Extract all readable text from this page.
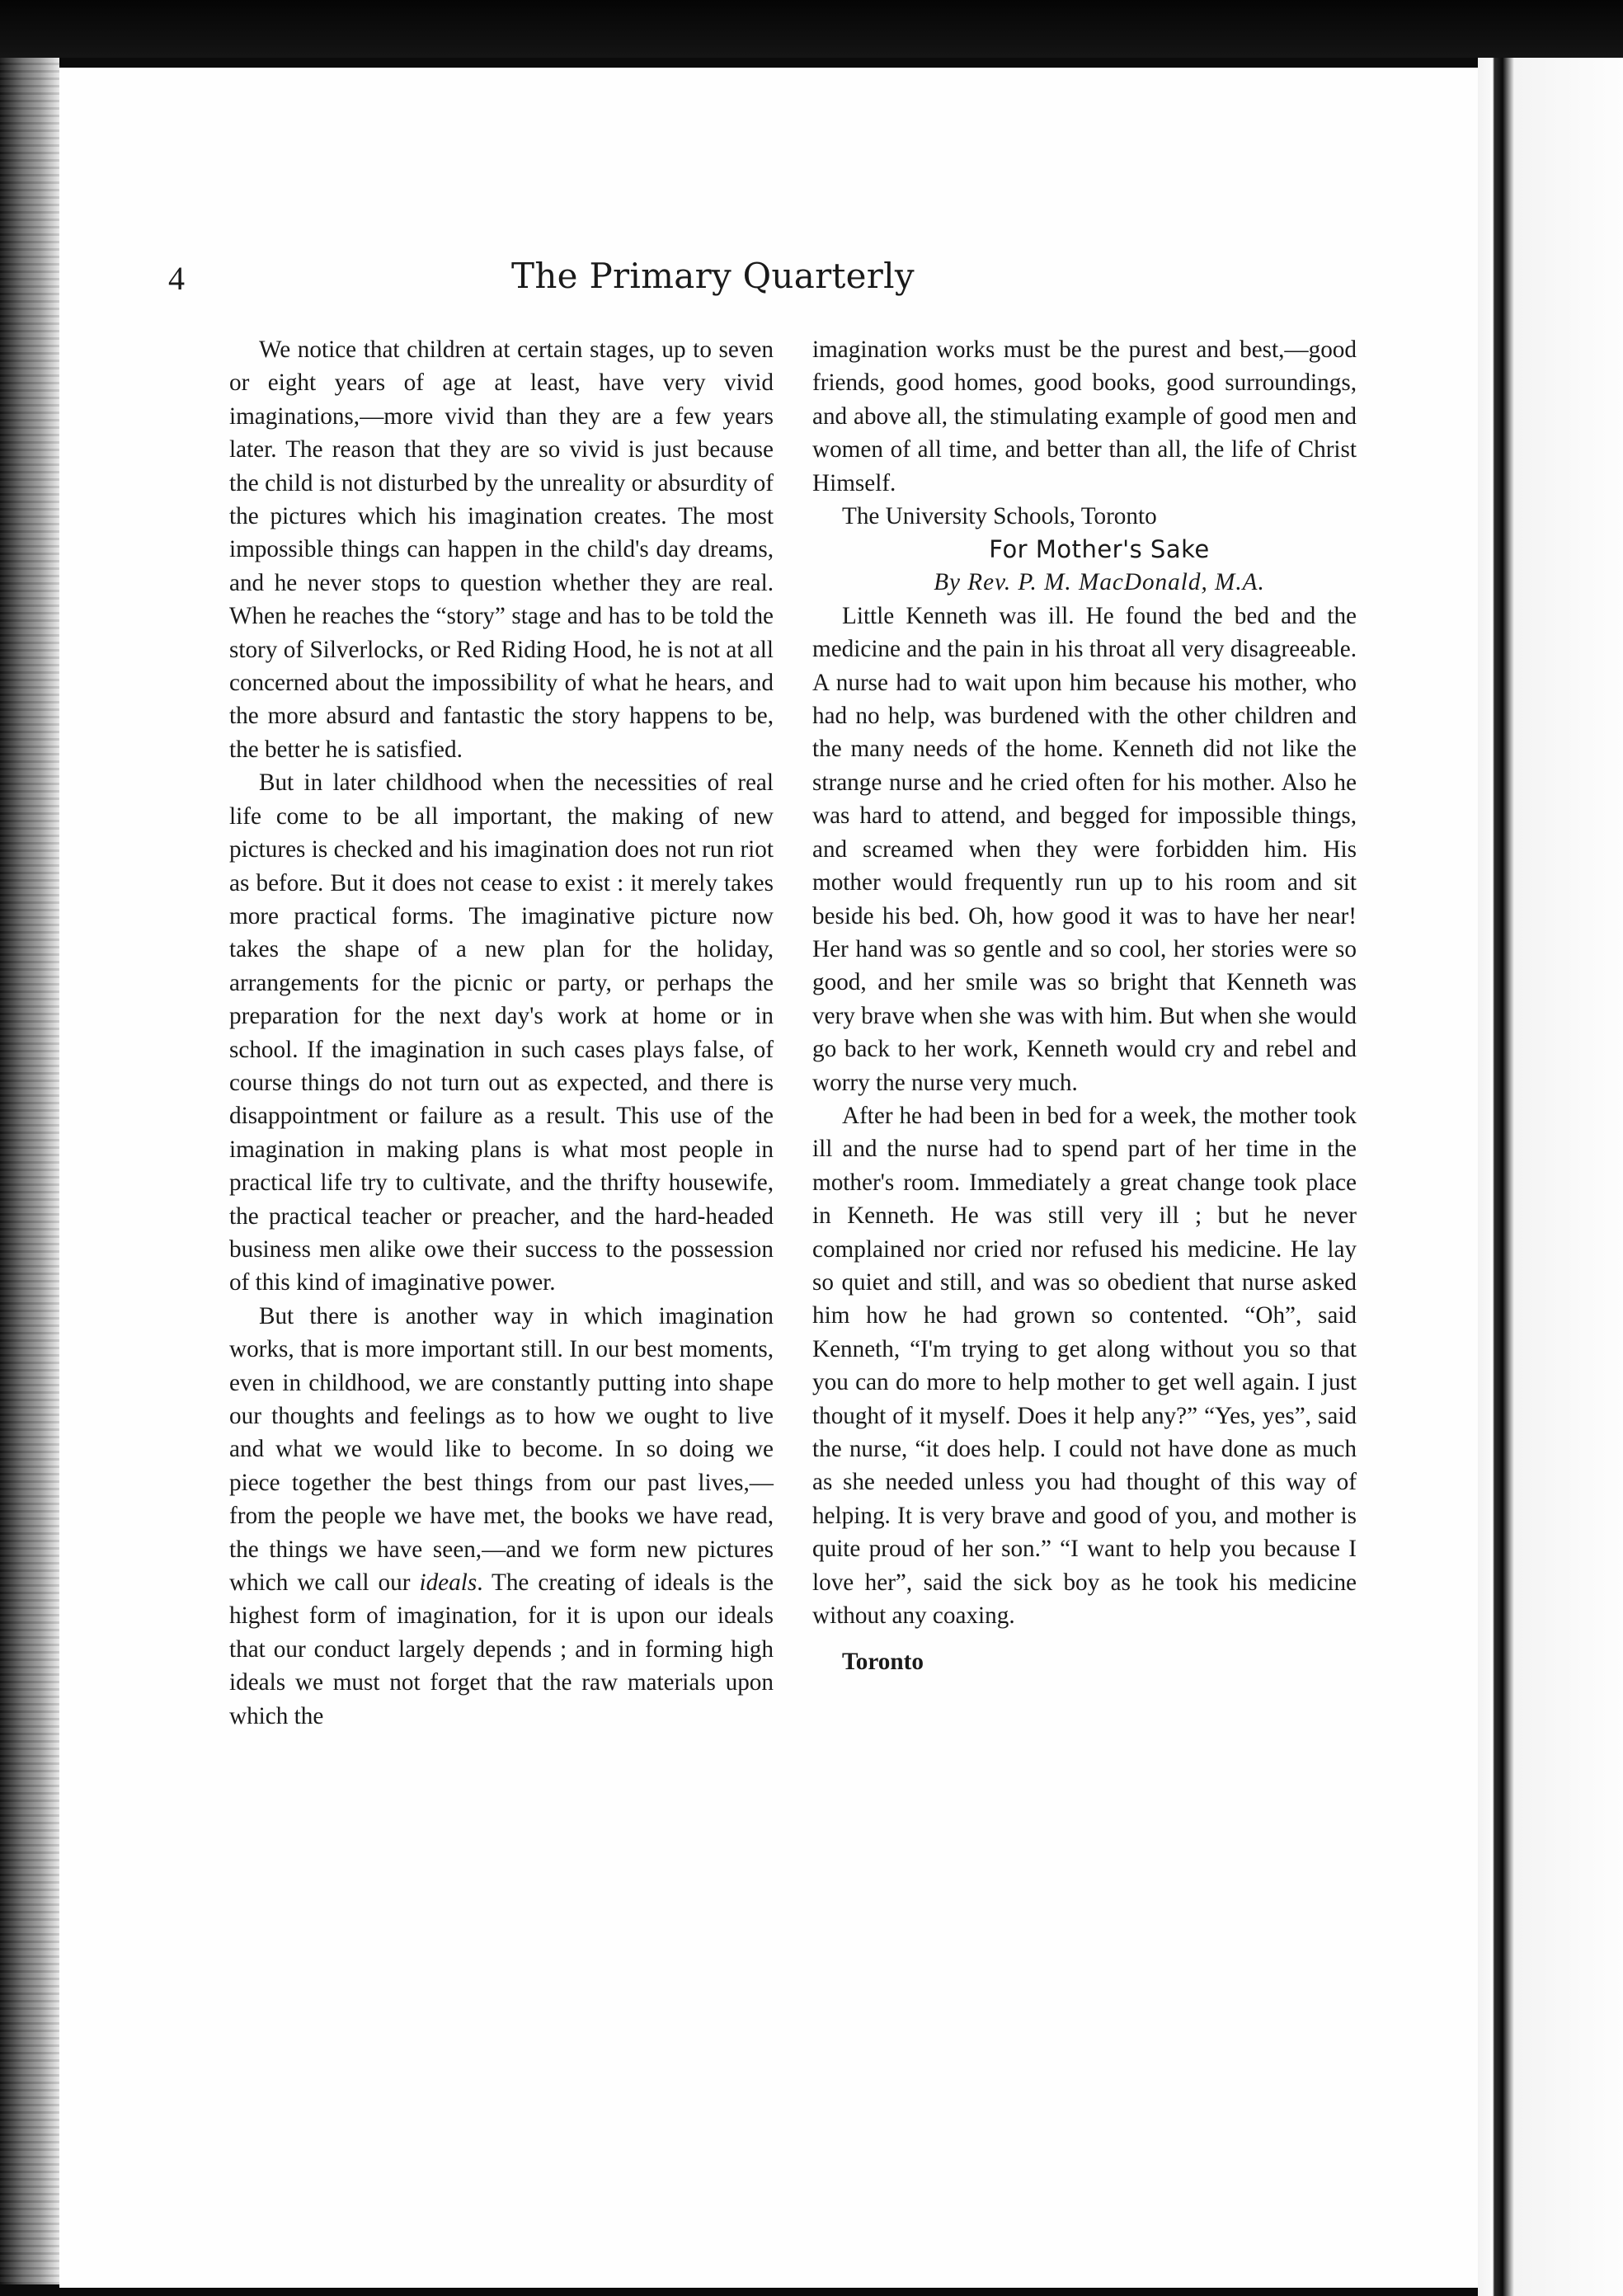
4	The Primary Quarterly

We notice that children at certain stages, up to seven or eight years of age at least, have very vivid imaginations,—more vivid than they are a few years later. The reason that they are so vivid is just because the child is not disturbed by the unreality or absurdity of the pictures which his imagination creates. The most impossible things can happen in the child's day dreams, and he never stops to question whether they are real. When he reaches the “story” stage and has to be told the story of Silverlocks, or Red Riding Hood, he is not at all concerned about the impossibility of what he hears, and the more absurd and fantastic the story happens to be, the better he is satisfied.

But in later childhood when the necessities of real life come to be all important, the making of new pictures is checked and his imagination does not run riot as before. But it does not cease to exist : it merely takes more practical forms. The imaginative picture now takes the shape of a new plan for the holiday, arrangements for the picnic or party, or perhaps the preparation for the next day's work at home or in school. If the imagination in such cases plays false, of course things do not turn out as expected, and there is disappointment or failure as a result. This use of the imagination in making plans is what most people in practical life try to cultivate, and the thrifty housewife, the practical teacher or preacher, and the hard-headed business men alike owe their success to the possession of this kind of imaginative power.

But there is another way in which imagination works, that is more important still. In our best moments, even in childhood, we are constantly putting into shape our thoughts and feelings as to how we ought to live and what we would like to become. In so doing we piece together the best things from our past lives,—from the people we have met, the books we have read, the things we have seen,—and we form new pictures which we call our ideals. The creating of ideals is the highest form of imagination, for it is upon our ideals that our conduct largely depends ; and in forming high ideals we must not forget that the raw materials upon which the

imagination works must be the purest and best,—good friends, good homes, good books, good surroundings, and above all, the stimulating example of good men and women of all time, and better than all, the life of Christ Himself.

The University Schools, Toronto

For Mother's Sake

By Rev. P. M. MacDonald, M.A.

Little Kenneth was ill. He found the bed and the medicine and the pain in his throat all very disagreeable. A nurse had to wait upon him because his mother, who had no help, was burdened with the other children and the many needs of the home. Kenneth did not like the strange nurse and he cried often for his mother. Also he was hard to attend, and begged for impossible things, and screamed when they were forbidden him. His mother would frequently run up to his room and sit beside his bed. Oh, how good it was to have her near! Her hand was so gentle and so cool, her stories were so good, and her smile was so bright that Kenneth was very brave when she was with him. But when she would go back to her work, Kenneth would cry and rebel and worry the nurse very much.

After he had been in bed for a week, the mother took ill and the nurse had to spend part of her time in the mother's room. Immediately a great change took place in Kenneth. He was still very ill ; but he never complained nor cried nor refused his medicine. He lay so quiet and still, and was so obedient that nurse asked him how he had grown so contented. “Oh”, said Kenneth, “I'm trying to get along without you so that you can do more to help mother to get well again. I just thought of it myself. Does it help any?” “Yes, yes”, said the nurse, “it does help. I could not have done as much as she needed unless you had thought of this way of helping. It is very brave and good of you, and mother is quite proud of her son.” “I want to help you because I love her”, said the sick boy as he took his medicine without any coaxing.

Toronto
